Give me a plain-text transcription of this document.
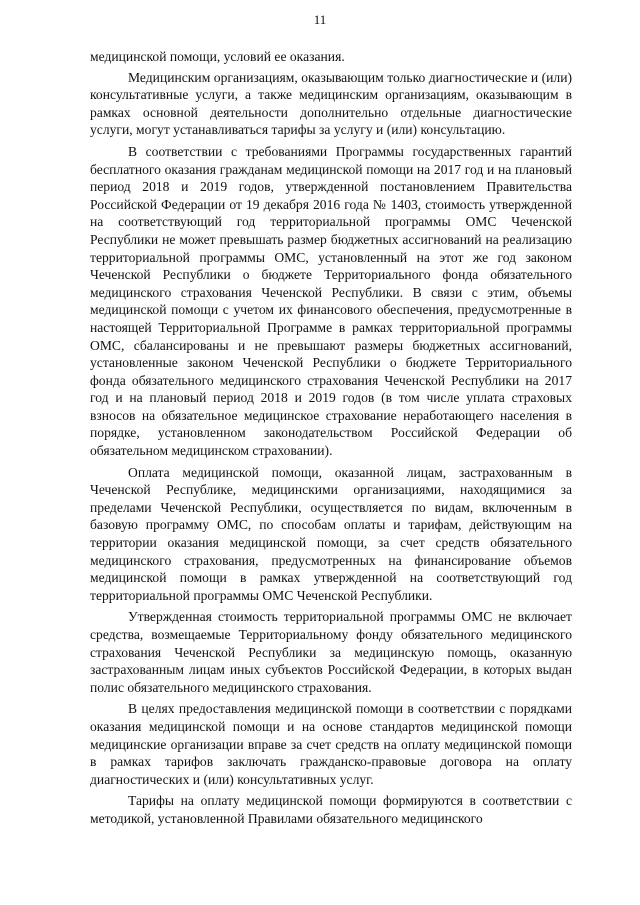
11

медицинской помощи, условий ее оказания.

Медицинским организациям, оказывающим только диагностические и (или) консультативные услуги, а также медицинским организациям, оказывающим в рамках основной деятельности дополнительно отдельные диагностические услуги, могут устанавливаться тарифы за услугу и (или) консультацию.

В соответствии с требованиями Программы государственных гарантий бесплатного оказания гражданам медицинской помощи на 2017 год и на плановый период 2018 и 2019 годов, утвержденной постановлением Правительства Российской Федерации от 19 декабря 2016 года № 1403, стоимость утвержденной на соответствующий год территориальной программы ОМС Чеченской Республики не может превышать размер бюджетных ассигнований на реализацию территориальной программы ОМС, установленный на этот же год законом Чеченской Республики о бюджете Территориального фонда обязательного медицинского страхования Чеченской Республики. В связи с этим, объемы медицинской помощи с учетом их финансового обеспечения, предусмотренные в настоящей Территориальной Программе в рамках территориальной программы ОМС, сбалансированы и не превышают размеры бюджетных ассигнований, установленные законом Чеченской Республики о бюджете Территориального фонда обязательного медицинского страхования Чеченской Республики на 2017 год и на плановый период 2018 и 2019 годов (в том числе уплата страховых взносов на обязательное медицинское страхование неработающего населения в порядке, установленном законодательством Российской Федерации об обязательном медицинском страховании).

Оплата медицинской помощи, оказанной лицам, застрахованным в Чеченской Республике, медицинскими организациями, находящимися за пределами Чеченской Республики, осуществляется по видам, включенным в базовую программу ОМС, по способам оплаты и тарифам, действующим на территории оказания медицинской помощи, за счет средств обязательного медицинского страхования, предусмотренных на финансирование объемов медицинской помощи в рамках утвержденной на соответствующий год территориальной программы ОМС Чеченской Республики.

Утвержденная стоимость территориальной программы ОМС не включает средства, возмещаемые Территориальному фонду обязательного медицинского страхования Чеченской Республики за медицинскую помощь, оказанную застрахованным лицам иных субъектов Российской Федерации, в которых выдан полис обязательного медицинского страхования.

В целях предоставления медицинской помощи в соответствии с порядками оказания медицинской помощи и на основе стандартов медицинской помощи медицинские организации вправе за счет средств на оплату медицинской помощи в рамках тарифов заключать гражданско-правовые договора на оплату диагностических и (или) консультативных услуг.

Тарифы на оплату медицинской помощи формируются в соответствии с методикой, установленной Правилами обязательного медицинского
